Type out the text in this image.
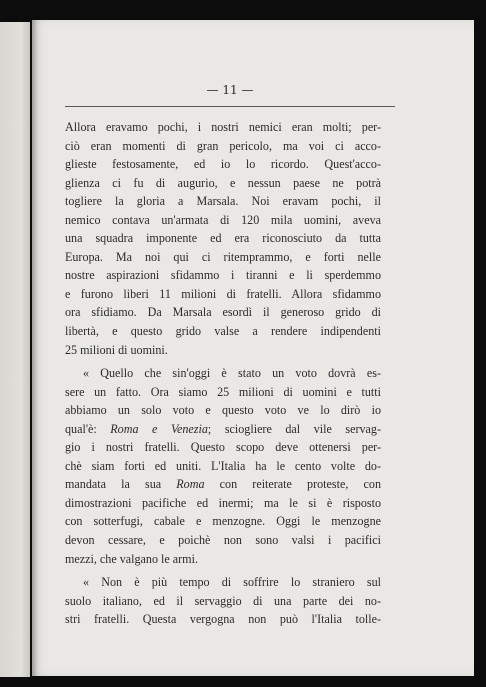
— 11 —
Allora eravamo pochi, i nostri nemici eran molti; per-
ciò eran momenti di gran pericolo, ma voi ci acco-
glieste festosamente, ed io lo ricordo. Quest'acco-
glienza ci fu di augurio, e nessun paese ne potrà
togliere la gloria a Marsala. Noi eravam pochi, il
nemico contava un'armata di 120 mila uomini, aveva
una squadra imponente ed era riconosciuto da tutta
Europa. Ma noi qui ci ritemprammo, e forti nelle
nostre aspirazioni sfidammo i tiranni e li sperdemmo
e furono liberi 11 milioni di fratelli. Allora sfidammo
ora sfidiamo. Da Marsala esordì il generoso grido di
libertà, e questo grido valse a rendere indipendenti
25 milioni di uomini.
« Quello che sin'oggi è stato un voto dovrà es-
sere un fatto. Ora siamo 25 milioni di uomini e tutti
abbiamo un solo voto e questo voto ve lo dirò io
qual'è: Roma e Venezia; sciogliere dal vile servag-
gio i nostri fratelli. Questo scopo deve ottenersi per-
chè siam forti ed uniti. L'Italia ha le cento volte do-
mandata la sua Roma con reiterate proteste, con
dimostrazioni pacifiche ed inermi; ma le si è risposto
con sotterfugi, cabale e menzogne. Oggi le menzogne
devon cessare, e poichè non sono valsi i pacifici
mezzi, che valgano le armi.
« Non è più tempo di soffrire lo straniero sul
suolo italiano, ed il servaggio di una parte dei no-
stri fratelli. Questa vergogna non può l'Italia tolle-
